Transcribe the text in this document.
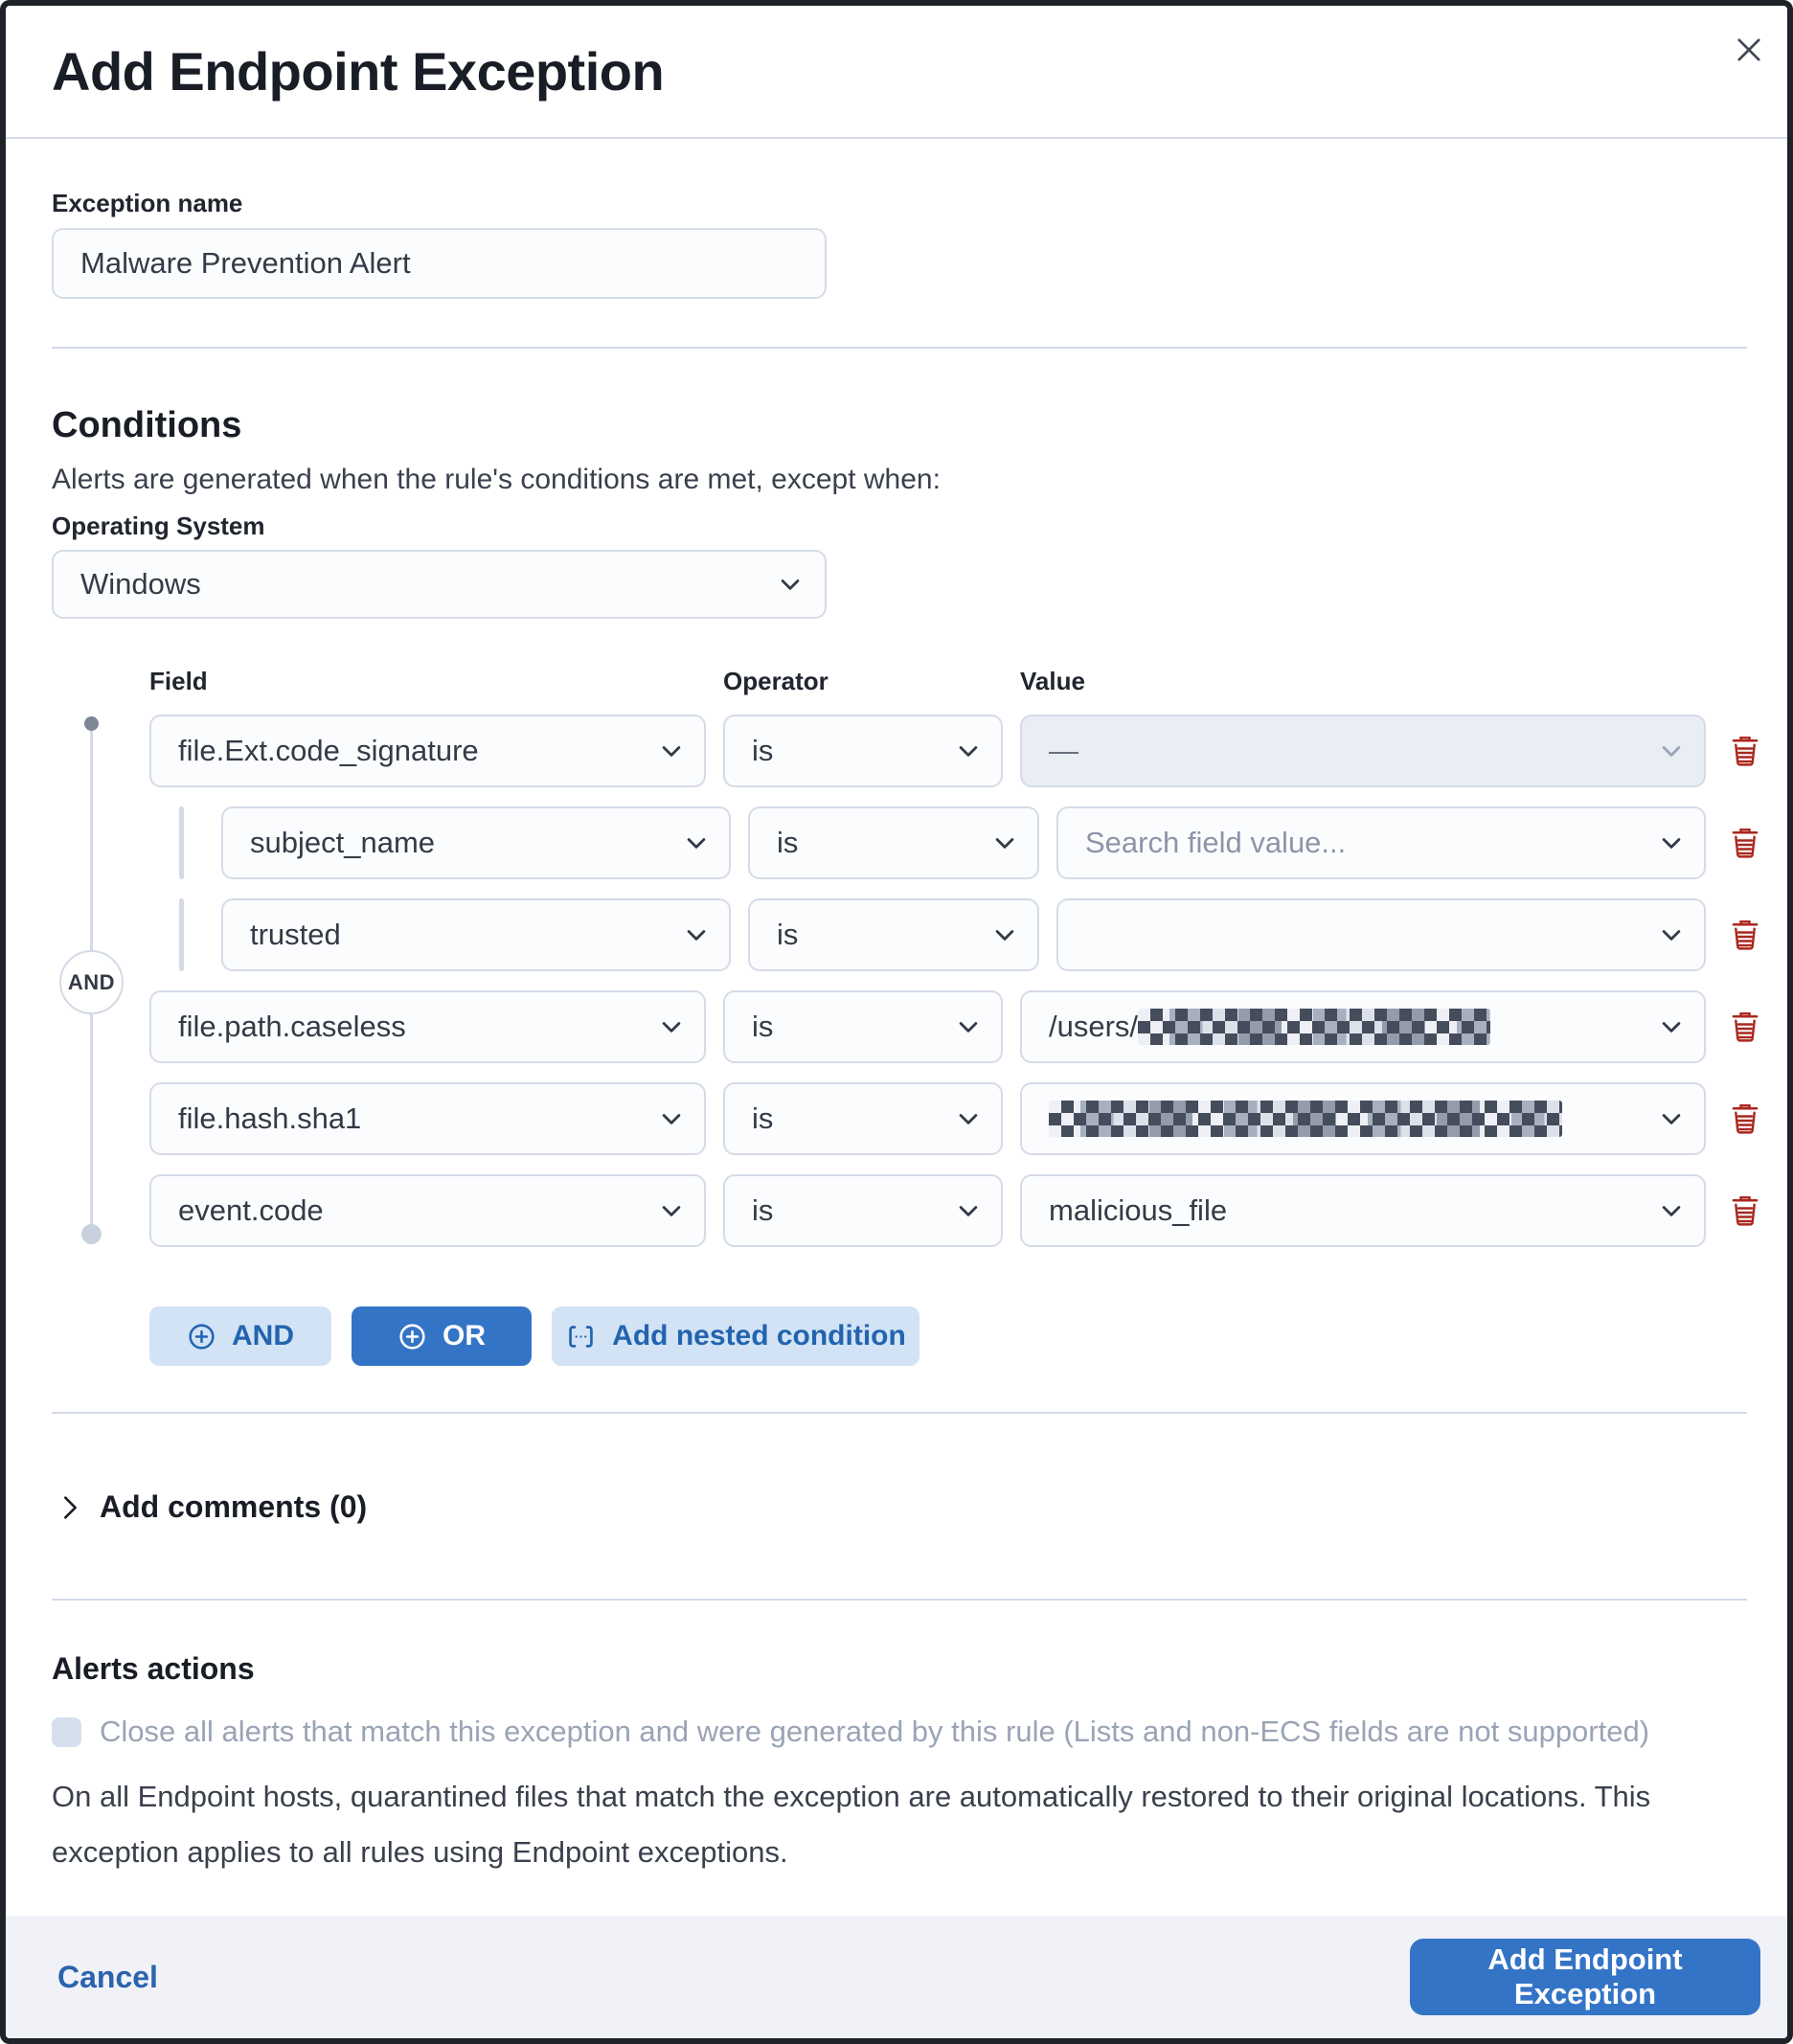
Add Endpoint Exception
Exception name
Malware Prevention Alert
Conditions
Alerts are generated when the rule's conditions are met, except when:
Operating System
Windows
Field	Operator	Value
AND
file.Ext.code_signature	is	—
subject_name	is	Search field value...
trusted	is
file.path.caseless	is	/users/
file.hash.sha1	is
event.code	is	malicious_file
AND	OR	Add nested condition
Add comments (0)
Alerts actions
Close all alerts that match this exception and were generated by this rule (Lists and non-ECS fields are not supported)
On all Endpoint hosts, quarantined files that match the exception are automatically restored to their original locations. This exception applies to all rules using Endpoint exceptions.
Cancel	Add Endpoint Exception
